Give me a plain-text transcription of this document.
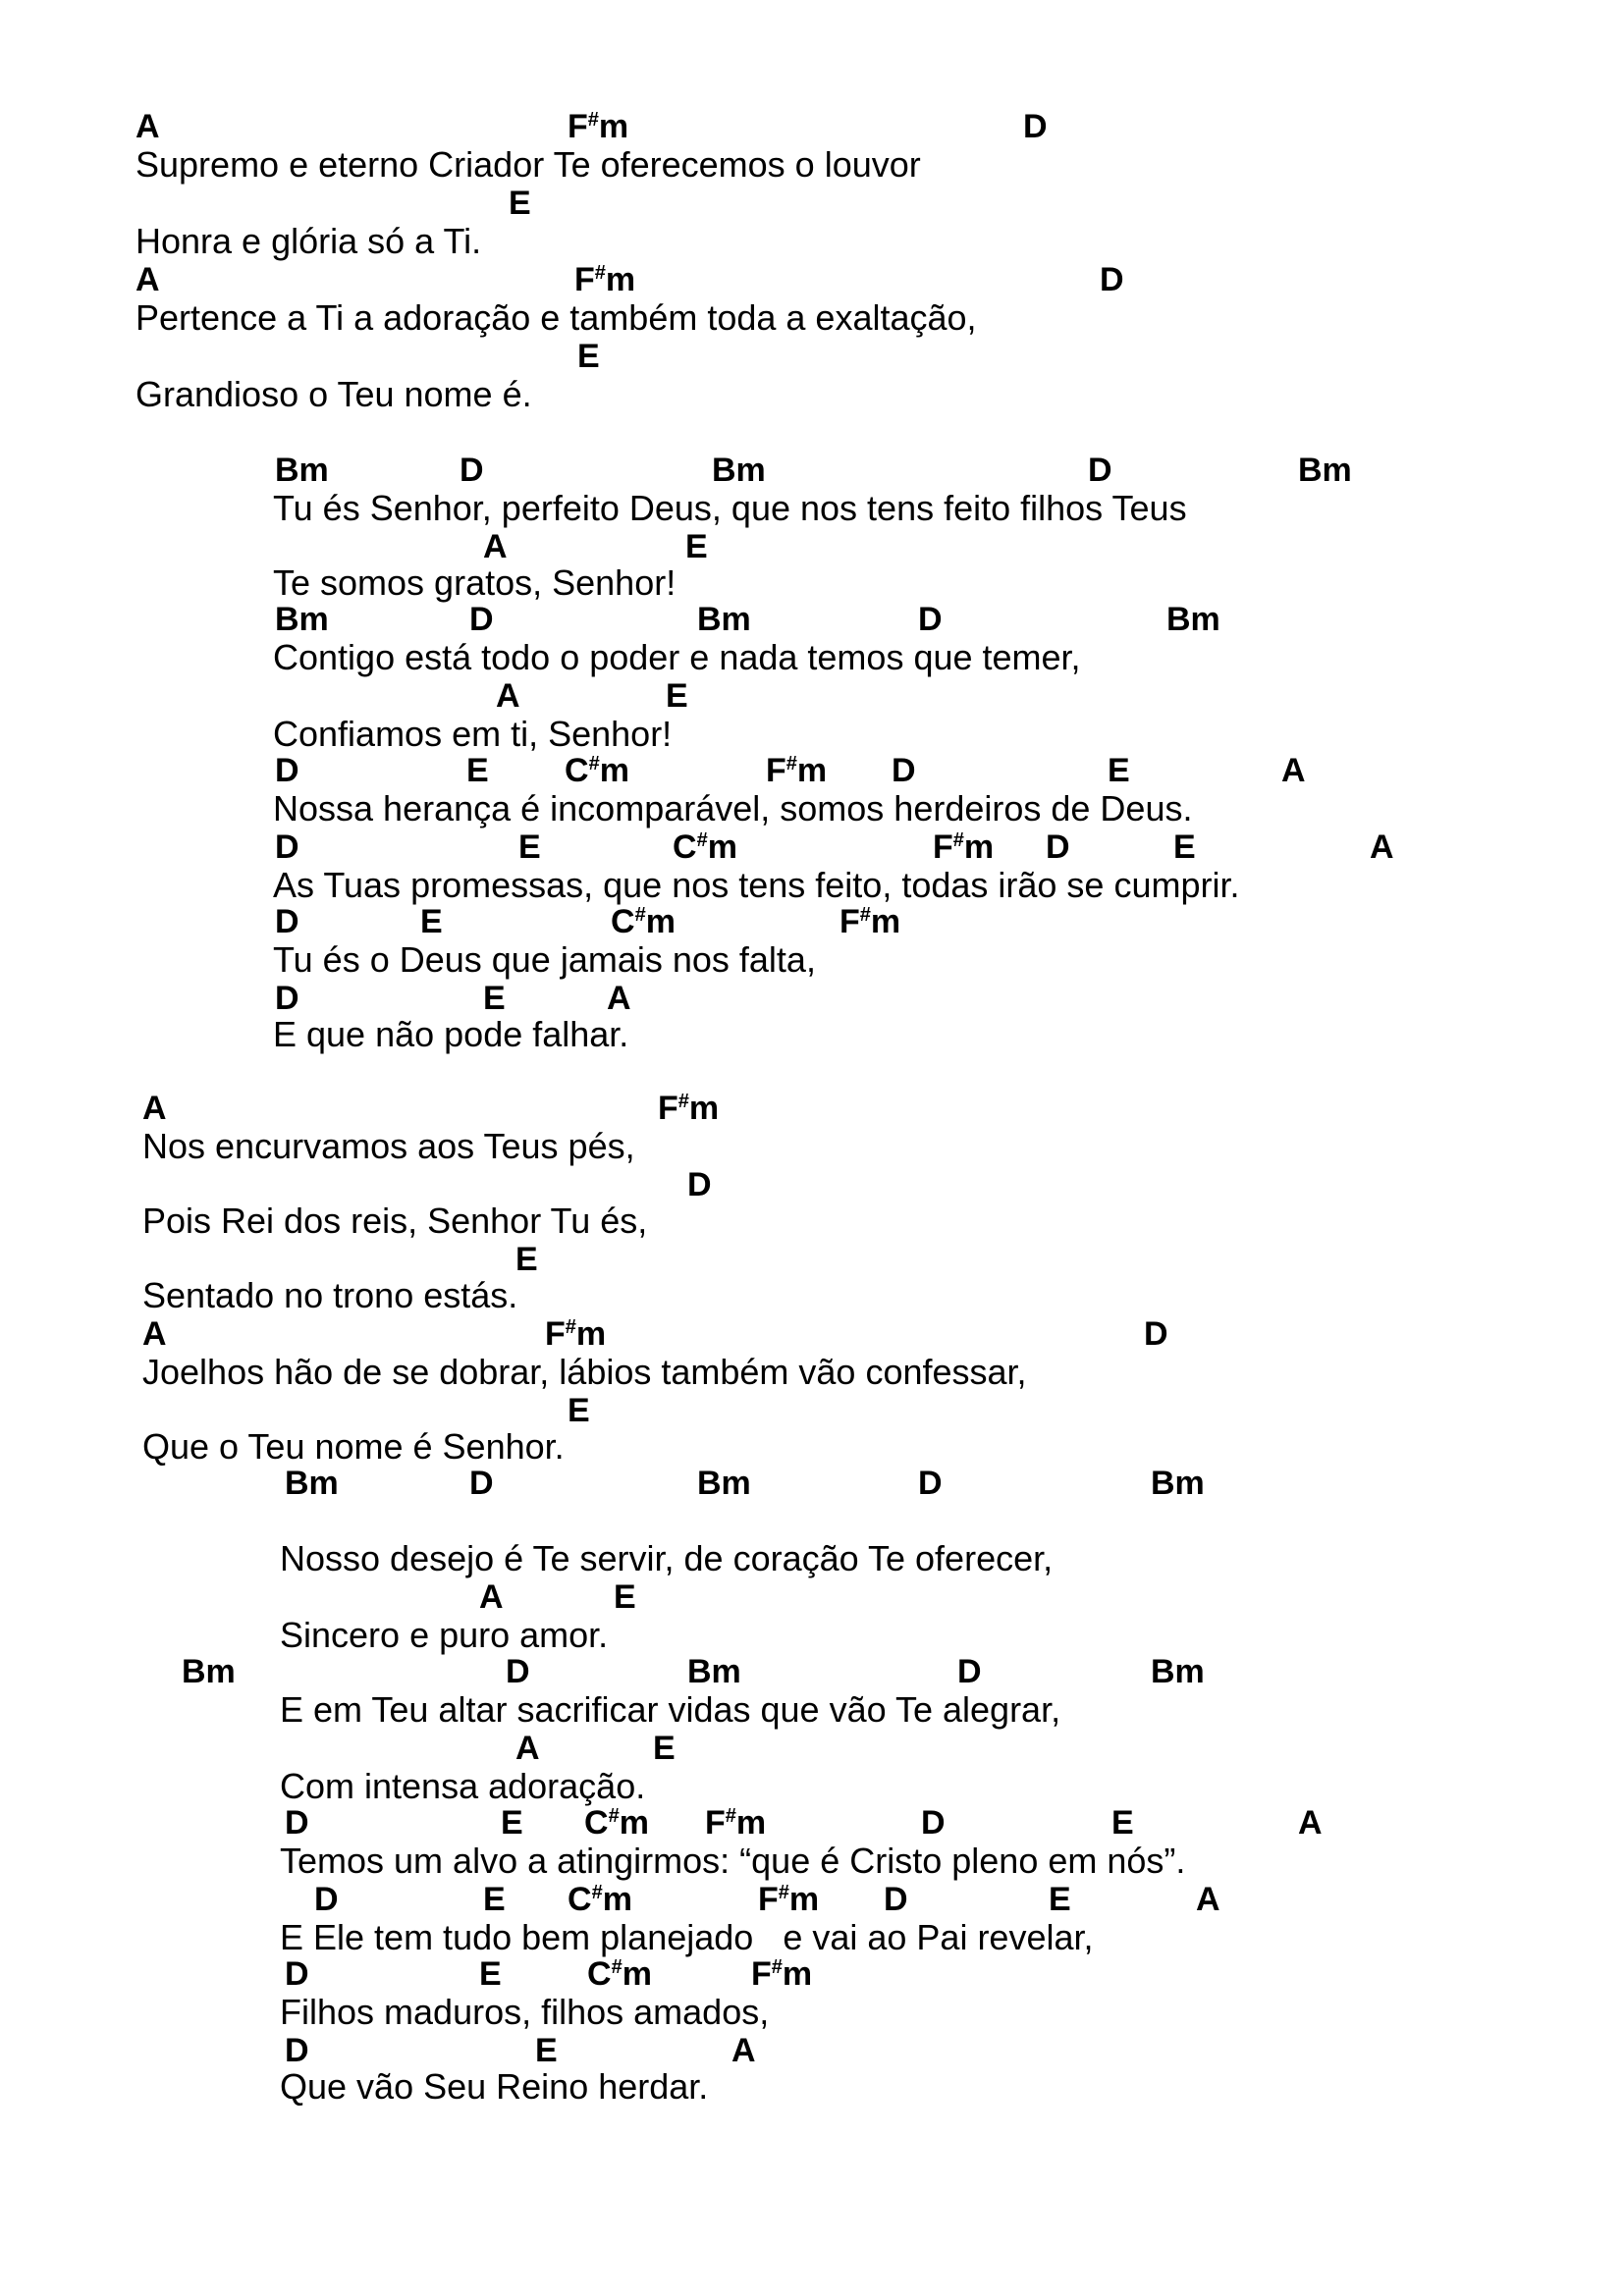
A	F#m	D
Supremo e eterno Criador Te oferecemos o louvor
E
Honra e glória só a Ti.
A	F#m	D
Pertence a Ti a adoração e também toda a exaltação,
E
Grandioso o Teu nome é.
Bm	D	Bm	D	Bm
Tu és Senhor, perfeito Deus, que nos tens feito filhos Teus
A	E
Te somos gratos, Senhor!
Bm	D	Bm	D	Bm
Contigo está todo o poder e nada temos que temer,
A	E
Confiamos em ti, Senhor!
D	E C#m	F#m D	E	A
Nossa herança é incomparável, somos herdeiros de Deus.
D	E	C#m	F#m D	E	A
As Tuas promessas, que nos tens feito, todas irão se cumprir.
D	E	C#m	F#m
Tu és o Deus que jamais nos falta,
D	E	A
E que não pode falhar.
A	F#m
Nos encurvamos aos Teus pés,
D
Pois Rei dos reis, Senhor Tu és,
E
Sentado no trono estás.
A	F#m	D
Joelhos hão de se dobrar, lábios também vão confessar,
E
Que o Teu nome é Senhor.
Bm	D	Bm	D	Bm
Nosso desejo é Te servir, de coração Te oferecer,
A	E
Sincero e puro amor.
Bm	D	Bm	D	Bm
E em Teu altar sacrificar vidas que vão Te alegrar,
A	E
Com intensa adoração.
D	E C#m F#m	D	E	A
Temos um alvo a atingirmos: “que é Cristo pleno em nós”.
D	E C#m	F#m D	E	A
E Ele tem tudo bem planejado   e vai ao Pai revelar,
D	E	C#m	F#m
Filhos maduros, filhos amados,
D	E	A
Que vão Seu Reino herdar.
